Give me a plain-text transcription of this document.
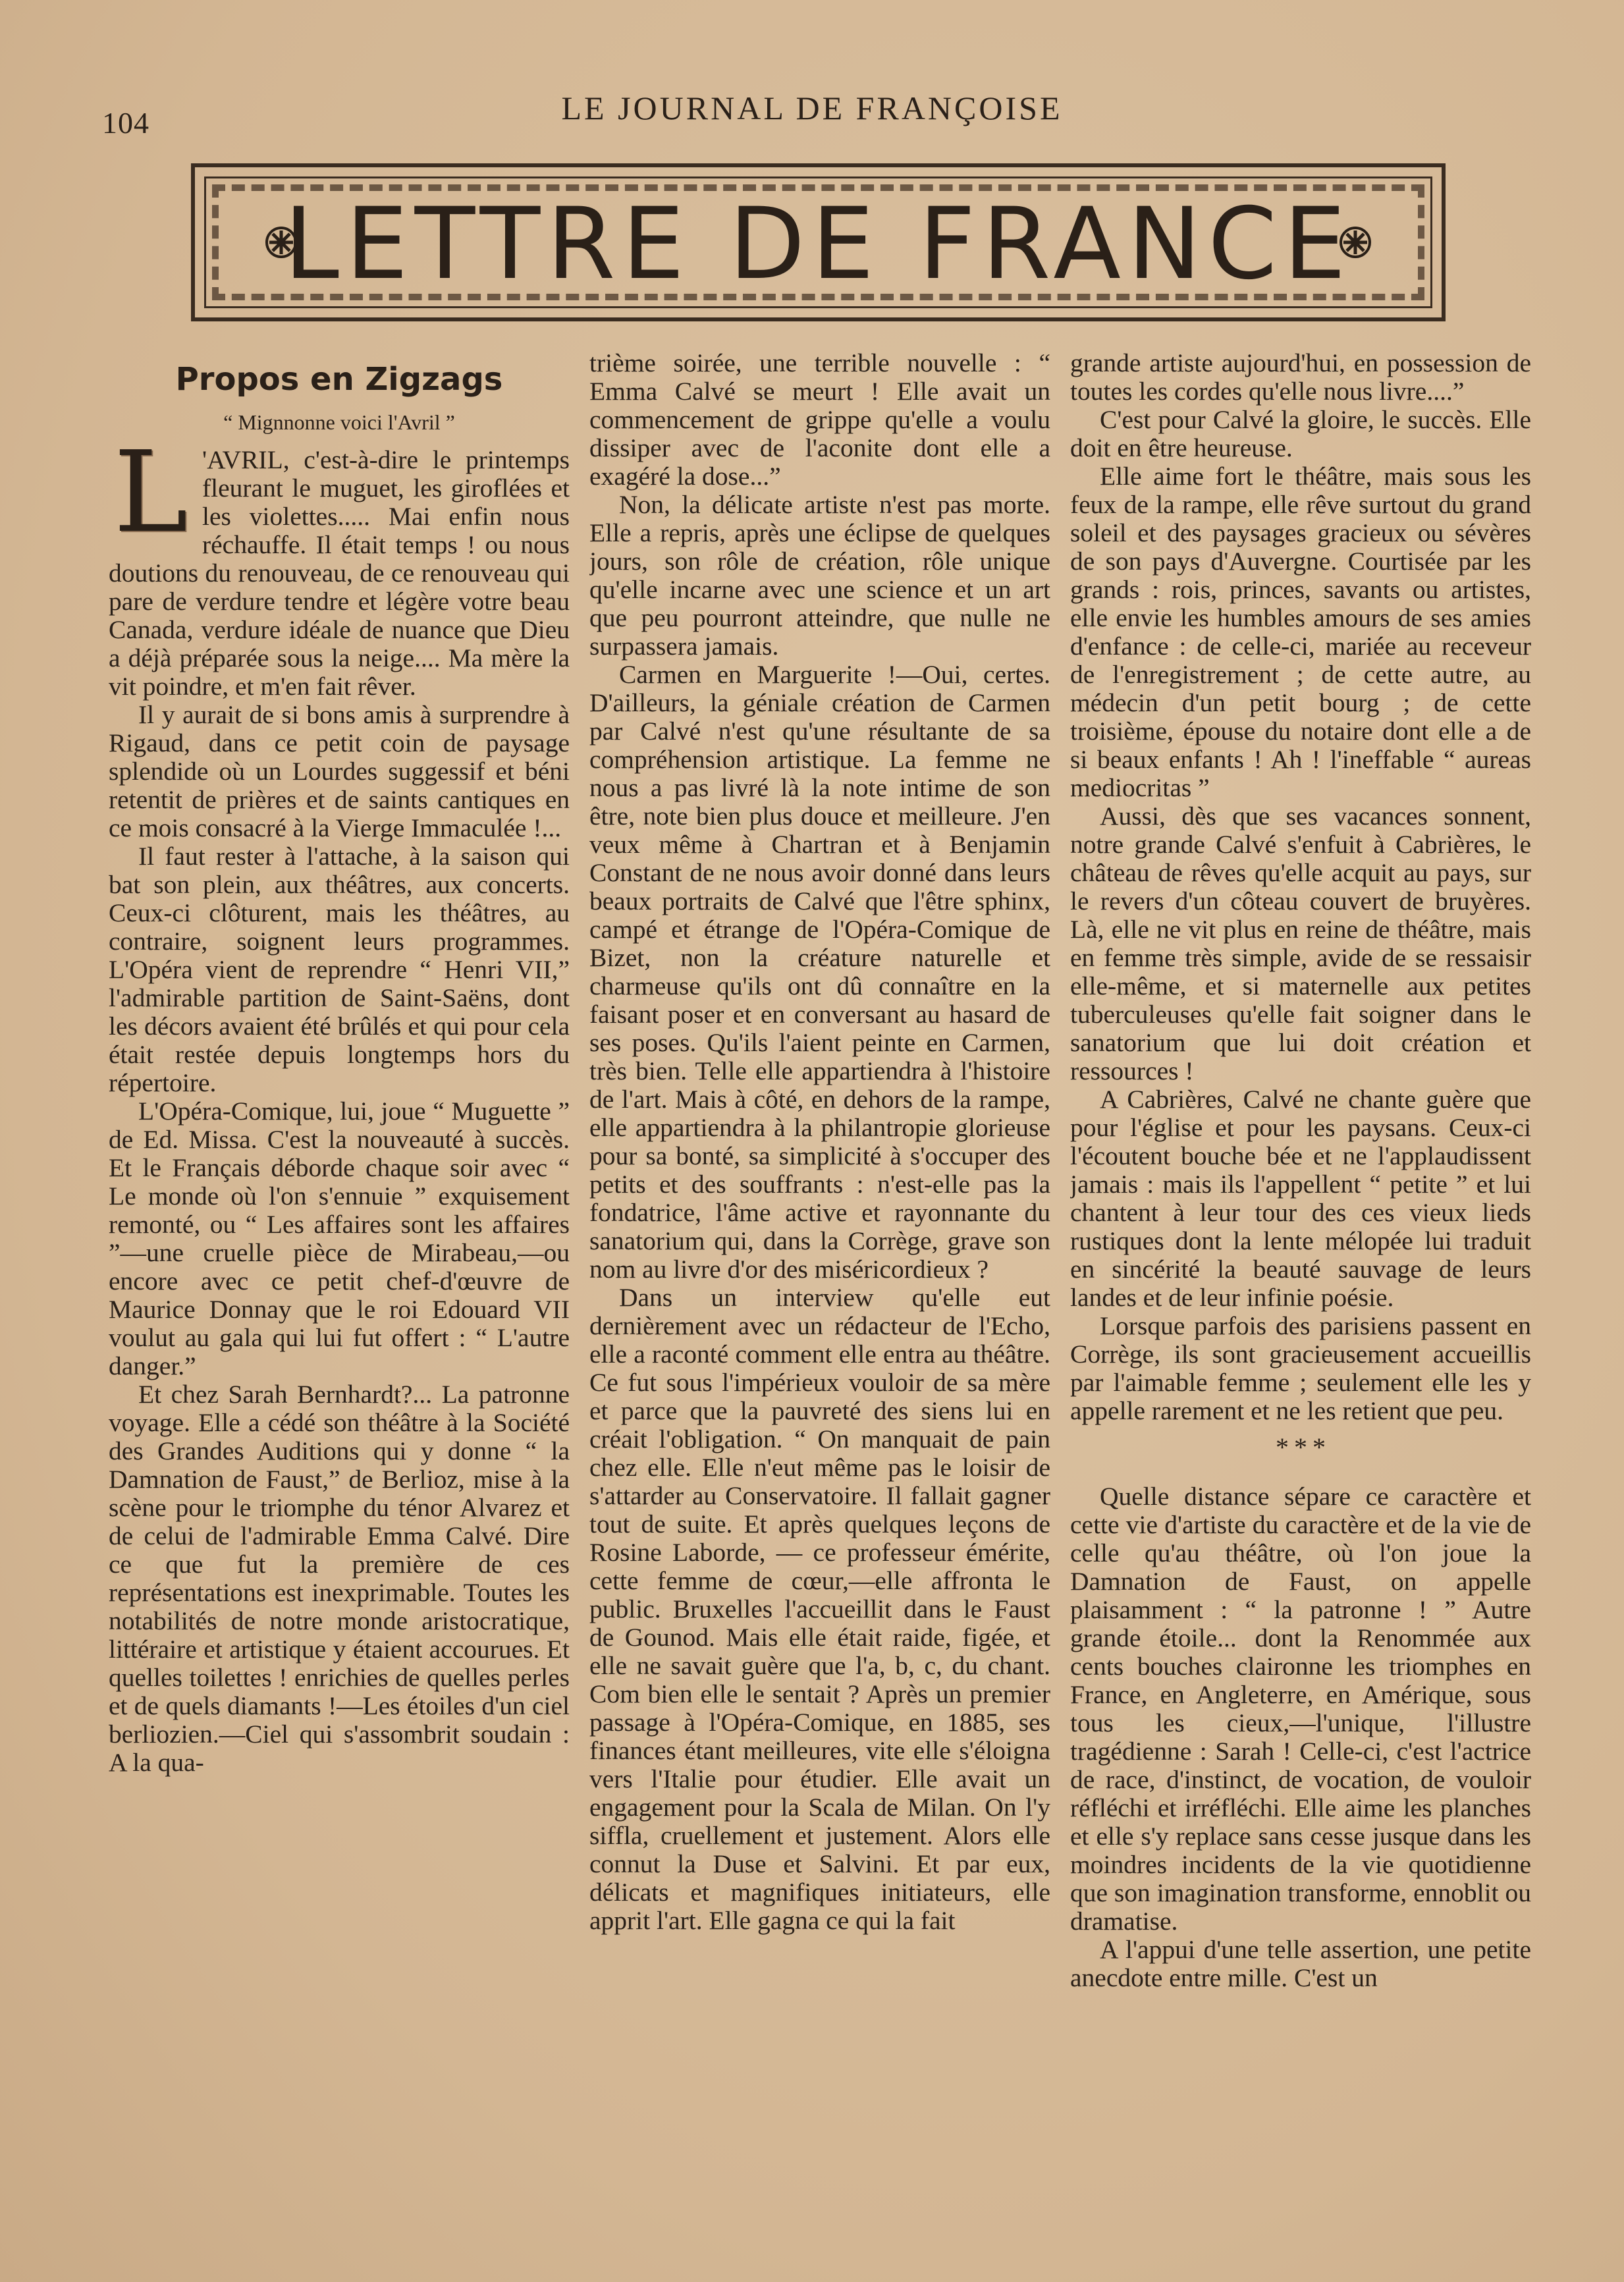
104	LE JOURNAL DE FRANÇOISE
LETTRE DE FRANCE
Propos en Zigzags
“ Mignnonne voici l'Avril ”
L 'AVRIL, c'est-à-dire le printemps fleurant le muguet, les giroflées et les violettes..... Mai enfin nous réchauffe. Il était temps ! ou nous doutions du renouveau, de ce renouveau qui pare de verdure tendre et légère votre beau Canada, verdure idéale de nuance que Dieu a déjà préparée sous la neige.... Ma mère la vit poindre, et m'en fait rêver.

Il y aurait de si bons amis à surprendre à Rigaud, dans ce petit coin de paysage splendide où un Lourdes suggessif et béni retentit de prières et de saints cantiques en ce mois consacré à la Vierge Immaculée !...

Il faut rester à l'attache, à la saison qui bat son plein, aux théâtres, aux concerts. Ceux-ci clôturent, mais les théâtres, au contraire, soignent leurs programmes. L'Opéra vient de reprendre “ Henri VII,” l'admirable partition de Saint-Saëns, dont les décors avaient été brûlés et qui pour cela était restée depuis longtemps hors du répertoire.

L'Opéra-Comique, lui, joue “ Muguette ” de Ed. Missa. C'est la nouveauté à succès. Et le Français déborde chaque soir avec “ Le monde où l'on s'ennuie ” exquisement remonté, ou “ Les affaires sont les affaires ”—une cruelle pièce de Mirabeau,—ou encore avec ce petit chef-d'œuvre de Maurice Donnay que le roi Edouard VII voulut au gala qui lui fut offert : “ L'autre danger.”

Et chez Sarah Bernhardt?... La patronne voyage. Elle a cédé son théâtre à la Société des Grandes Auditions qui y donne “ la Damnation de Faust,” de Berlioz, mise à la scène pour le triomphe du ténor Alvarez et de celui de l'admirable Emma Calvé. Dire ce que fut la première de ces représentations est inexprimable. Toutes les notabilités de notre monde aristocratique, littéraire et artistique y étaient accourues. Et quelles toilettes ! enrichies de quelles perles et de quels diamants !—Les étoiles d'un ciel berliozien.—Ciel qui s'assombrit soudain : A la qua-

trième soirée, une terrible nouvelle : “ Emma Calvé se meurt ! Elle avait un commencement de grippe qu'elle a voulu dissiper avec de l'aconite dont elle a exagéré la dose...”

Non, la délicate artiste n'est pas morte. Elle a repris, après une éclipse de quelques jours, son rôle de création, rôle unique qu'elle incarne avec une science et un art que peu pourront atteindre, que nulle ne surpassera jamais.

Carmen en Marguerite !—Oui, certes. D'ailleurs, la géniale création de Carmen par Calvé n'est qu'une résultante de sa compréhension artistique. La femme ne nous a pas livré là la note intime de son être, note bien plus douce et meilleure. J'en veux même à Chartran et à Benjamin Constant de ne nous avoir donné dans leurs beaux portraits de Calvé que l'être sphinx, campé et étrange de l'Opéra-Comique de Bizet, non la créature naturelle et charmeuse qu'ils ont dû connaître en la faisant poser et en conversant au hasard de ses poses. Qu'ils l'aient peinte en Carmen, très bien. Telle elle appartiendra à l'histoire de l'art. Mais à côté, en dehors de la rampe, elle appartiendra à la philantropie glorieuse pour sa bonté, sa simplicité à s'occuper des petits et des souffrants : n'est-elle pas la fondatrice, l'âme active et rayonnante du sanatorium qui, dans la Corrège, grave son nom au livre d'or des miséricordieux ?

Dans un interview qu'elle eut dernièrement avec un rédacteur de l'Echo, elle a raconté comment elle entra au théâtre. Ce fut sous l'impérieux vouloir de sa mère et parce que la pauvreté des siens lui en créait l'obligation. “ On manquait de pain chez elle. Elle n'eut même pas le loisir de s'attarder au Conservatoire. Il fallait gagner tout de suite. Et après quelques leçons de Rosine Laborde, — ce professeur émérite, cette femme de cœur,—elle affronta le public. Bruxelles l'accueillit dans le Faust de Gounod. Mais elle était raide, figée, et elle ne savait guère que l'a, b, c, du chant. Com bien elle le sentait ? Après un premier passage à l'Opéra-Comique, en 1885, ses finances étant meilleures, vite elle s'éloigna vers l'Italie pour étudier. Elle avait un engagement pour la Scala de Milan. On l'y siffla, cruellement et justement. Alors elle connut la Duse et Salvini. Et par eux, délicats et magnifiques initiateurs, elle apprit l'art. Elle gagna ce qui la fait

grande artiste aujourd'hui, en possession de toutes les cordes qu'elle nous livre....”

C'est pour Calvé la gloire, le succès. Elle doit en être heureuse.

Elle aime fort le théâtre, mais sous les feux de la rampe, elle rêve surtout du grand soleil et des paysages gracieux ou sévères de son pays d'Auvergne. Courtisée par les grands : rois, princes, savants ou artistes, elle envie les humbles amours de ses amies d'enfance : de celle-ci, mariée au receveur de l'enregistrement ; de cette autre, au médecin d'un petit bourg ; de cette troisième, épouse du notaire dont elle a de si beaux enfants ! Ah ! l'ineffable “ aureas mediocritas ”

Aussi, dès que ses vacances sonnent, notre grande Calvé s'enfuit à Cabrières, le château de rêves qu'elle acquit au pays, sur le revers d'un côteau couvert de bruyères. Là, elle ne vit plus en reine de théâtre, mais en femme très simple, avide de se ressaisir elle-même, et si maternelle aux petites tuberculeuses qu'elle fait soigner dans le sanatorium que lui doit création et ressources !

A Cabrières, Calvé ne chante guère que pour l'église et pour les paysans. Ceux-ci l'écoutent bouche bée et ne l'applaudissent jamais : mais ils l'appellent “ petite ” et lui chantent à leur tour des ces vieux lieds rustiques dont la lente mélopée lui traduit en sincérité la beauté sauvage de leurs landes et de leur infinie poésie.

Lorsque parfois des parisiens passent en Corrège, ils sont gracieusement accueillis par l'aimable femme ; seulement elle les y appelle rarement et ne les retient que peu.

* * *

Quelle distance sépare ce caractère et cette vie d'artiste du caractère et de la vie de celle qu'au théâtre, où l'on joue la Damnation de Faust, on appelle plaisamment : “ la patronne ! ” Autre grande étoile... dont la Renommée aux cents bouches claironne les triomphes en France, en Angleterre, en Amérique, sous tous les cieux,—l'unique, l'illustre tragédienne : Sarah ! Celle-ci, c'est l'actrice de race, d'instinct, de vocation, de vouloir réfléchi et irréfléchi. Elle aime les planches et elle s'y replace sans cesse jusque dans les moindres incidents de la vie quotidienne que son imagination transforme, ennoblit ou dramatise.

A l'appui d'une telle assertion, une petite anecdote entre mille. C'est un
